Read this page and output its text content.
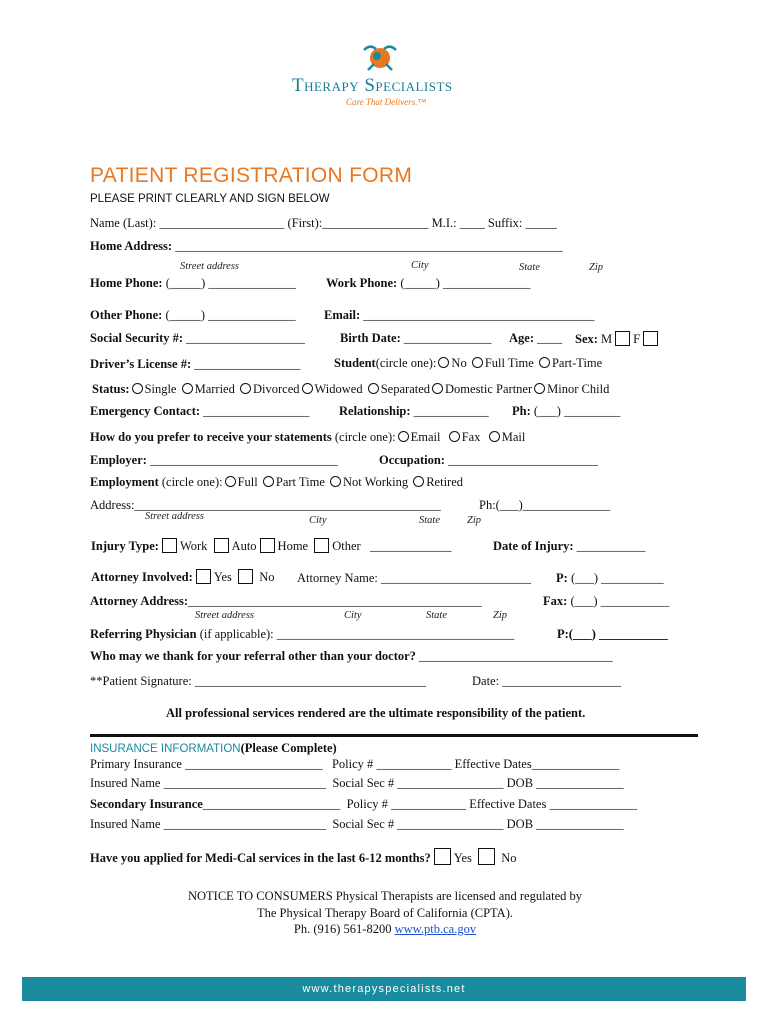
Therapy Specialists
Care That Delivers.™
PATIENT REGISTRATION FORM
PLEASE PRINT CLEARLY AND SIGN BELOW
Name (Last): ____________________ (First):_________________ M.I.: ____ Suffix: _____
Home Address: ______________________________________________________________
Street address	City	State	Zip
Home Phone: (_____) ______________ Work Phone: (_____) ______________
Other Phone: (_____) ______________ Email: _____________________________________
Social Security #: ___________________	Birth Date: ______________ Age: ____ Sex: M F
Driver’s License #: _________________	Student(circle one): No Full Time Part-Time
Status: Single Married Divorced Widowed Separated Domestic Partner Minor Child
Emergency Contact: _________________ Relationship: ____________ Ph: (___) _________
How do you prefer to receive your statements (circle one): Email Fax Mail
Employer: ______________________________	Occupation: ________________________
Employment (circle one): Full Part Time Not Working Retired
Address:_________________________________________________	Ph:(___)______________
Street address	City	State	Zip
Injury Type: Work Auto Home Other _____________	Date of Injury: ___________
Attorney Involved: Yes No Attorney Name: ________________________ P: (___) __________
Attorney Address:_______________________________________________	Fax: (___) ___________
Street address	City	State	Zip
Referring Physician (if applicable): ______________________________________	P:(___) ___________
Who may we thank for your referral other than your doctor? _______________________________
**Patient Signature: _____________________________________	Date: ___________________
All professional services rendered are the ultimate responsibility of the patient.
INSURANCE INFORMATION(Please Complete)
Primary Insurance ______________________ Policy # ____________ Effective Dates______________
Insured Name __________________________ Social Sec # _________________ DOB ______________
Secondary Insurance______________________ Policy # ____________ Effective Dates ______________
Insured Name __________________________ Social Sec # _________________ DOB ______________
Have you applied for Medi-Cal services in the last 6-12 months? Yes No
NOTICE TO CONSUMERS Physical Therapists are licensed and regulated by
The Physical Therapy Board of California (CPTA).
Ph. (916) 561-8200 www.ptb.ca.gov
www.therapyspecialists.net
